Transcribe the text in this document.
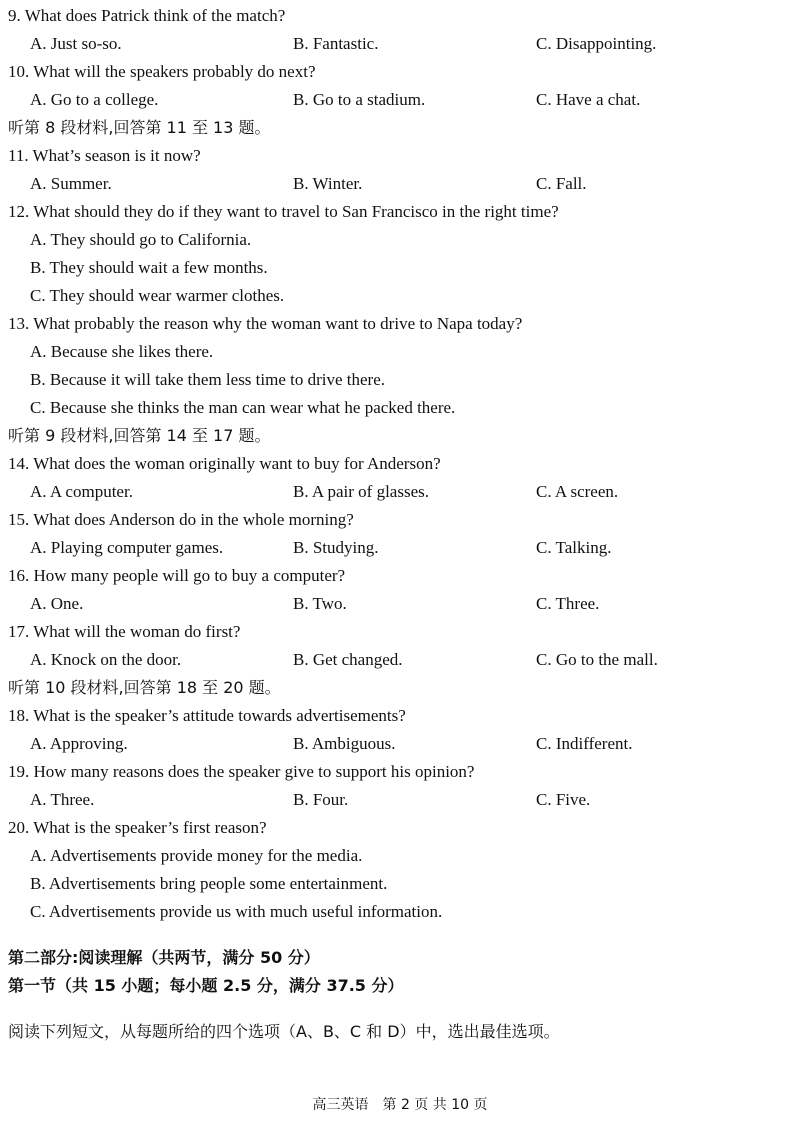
9. What does Patrick think of the match?
A. Just so-so.	B. Fantastic.	C. Disappointing.
10. What will the speakers probably do next?
A. Go to a college.	B. Go to a stadium.	C. Have a chat.
听第 8 段材料,回答第 11 至 13 题。
11. What’s season is it now?
A. Summer.	B. Winter.	C. Fall.
12. What should they do if they want to travel to San Francisco in the right time?
A. They should go to California.
B. They should wait a few months.
C. They should wear warmer clothes.
13. What probably the reason why the woman want to drive to Napa today?
A. Because she likes there.
B. Because it will take them less time to drive there.
C. Because she thinks the man can wear what he packed there.
听第 9 段材料,回答第 14 至 17 题。
14. What does the woman originally want to buy for Anderson?
A. A computer.	B. A pair of glasses.	C. A screen.
15. What does Anderson do in the whole morning?
A. Playing computer games.	B. Studying.	C. Talking.
16. How many people will go to buy a computer?
A. One.	B. Two.	C. Three.
17. What will the woman do first?
A. Knock on the door.	B. Get changed.	C. Go to the mall.
听第 10 段材料,回答第 18 至 20 题。
18. What is the speaker’s attitude towards advertisements?
A. Approving.	B. Ambiguous.	C. Indifferent.
19. How many reasons does the speaker give to support his opinion?
A. Three.	B. Four.	C. Five.
20. What is the speaker’s first reason?
A. Advertisements provide money for the media.
B. Advertisements bring people some entertainment.
C. Advertisements provide us with much useful information.
第二部分:阅读理解（共两节，满分 50 分）
第一节（共 15 小题；每小题 2.5 分，满分 37.5 分）
阅读下列短文，从每题所给的四个选项（A、B、C 和 D）中，选出最佳选项。
高三英语　第 2 页 共 10 页
